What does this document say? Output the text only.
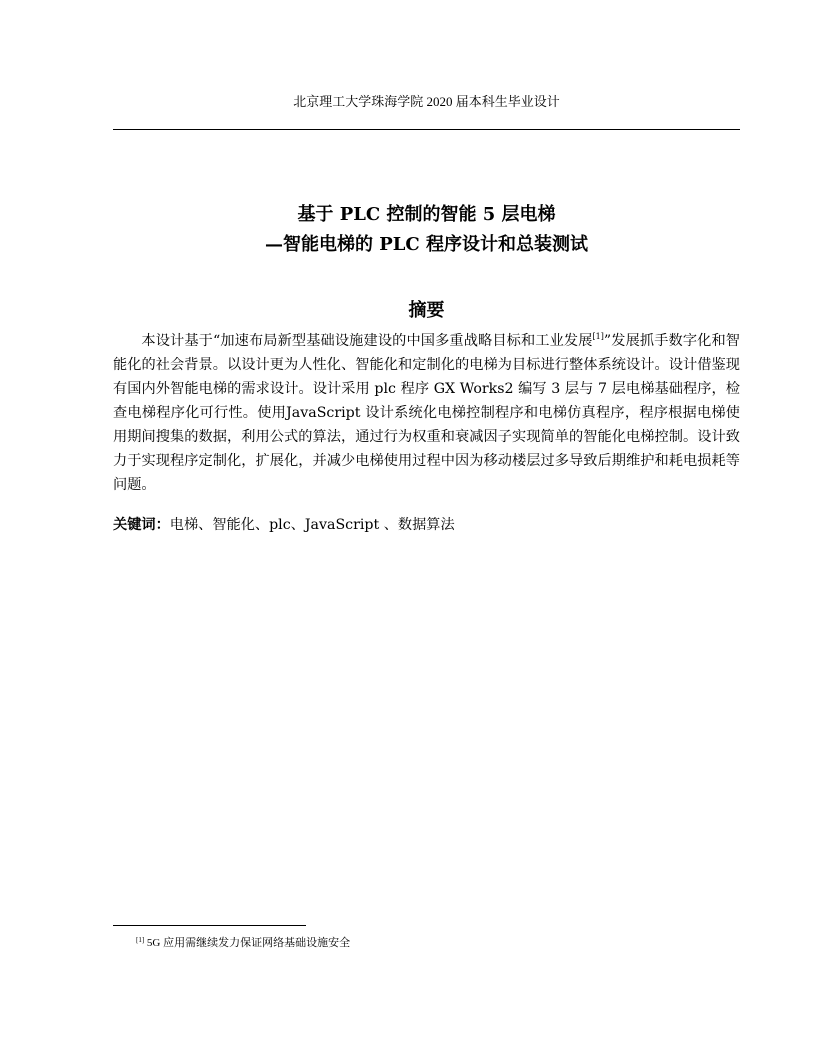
北京理工大学珠海学院 2020 届本科生毕业设计
基于 PLC 控制的智能 5 层电梯
—智能电梯的 PLC 程序设计和总装测试
摘要

本设计基于“加速布局新型基础设施建设的中国多重战略目标和工业发展[1]”发展抓手数字化和智能化的社会背景。以设计更为人性化、智能化和定制化的电梯为目标进行整体系统设计。设计借鉴现有国内外智能电梯的需求设计。设计采用 plc 程序 GX Works2 编写 3 层与 7 层电梯基础程序，检查电梯程序化可行性。使用JavaScript 设计系统化电梯控制程序和电梯仿真程序，程序根据电梯使用期间搜集的数据，利用公式的算法，通过行为权重和衰减因子实现简单的智能化电梯控制。设计致力于实现程序定制化，扩展化，并减少电梯使用过程中因为移动楼层过多导致后期维护和耗电损耗等问题。

关键词：电梯、智能化、plc、JavaScript 、数据算法

[1] 5G 应用需继续发力保证网络基础设施安全
